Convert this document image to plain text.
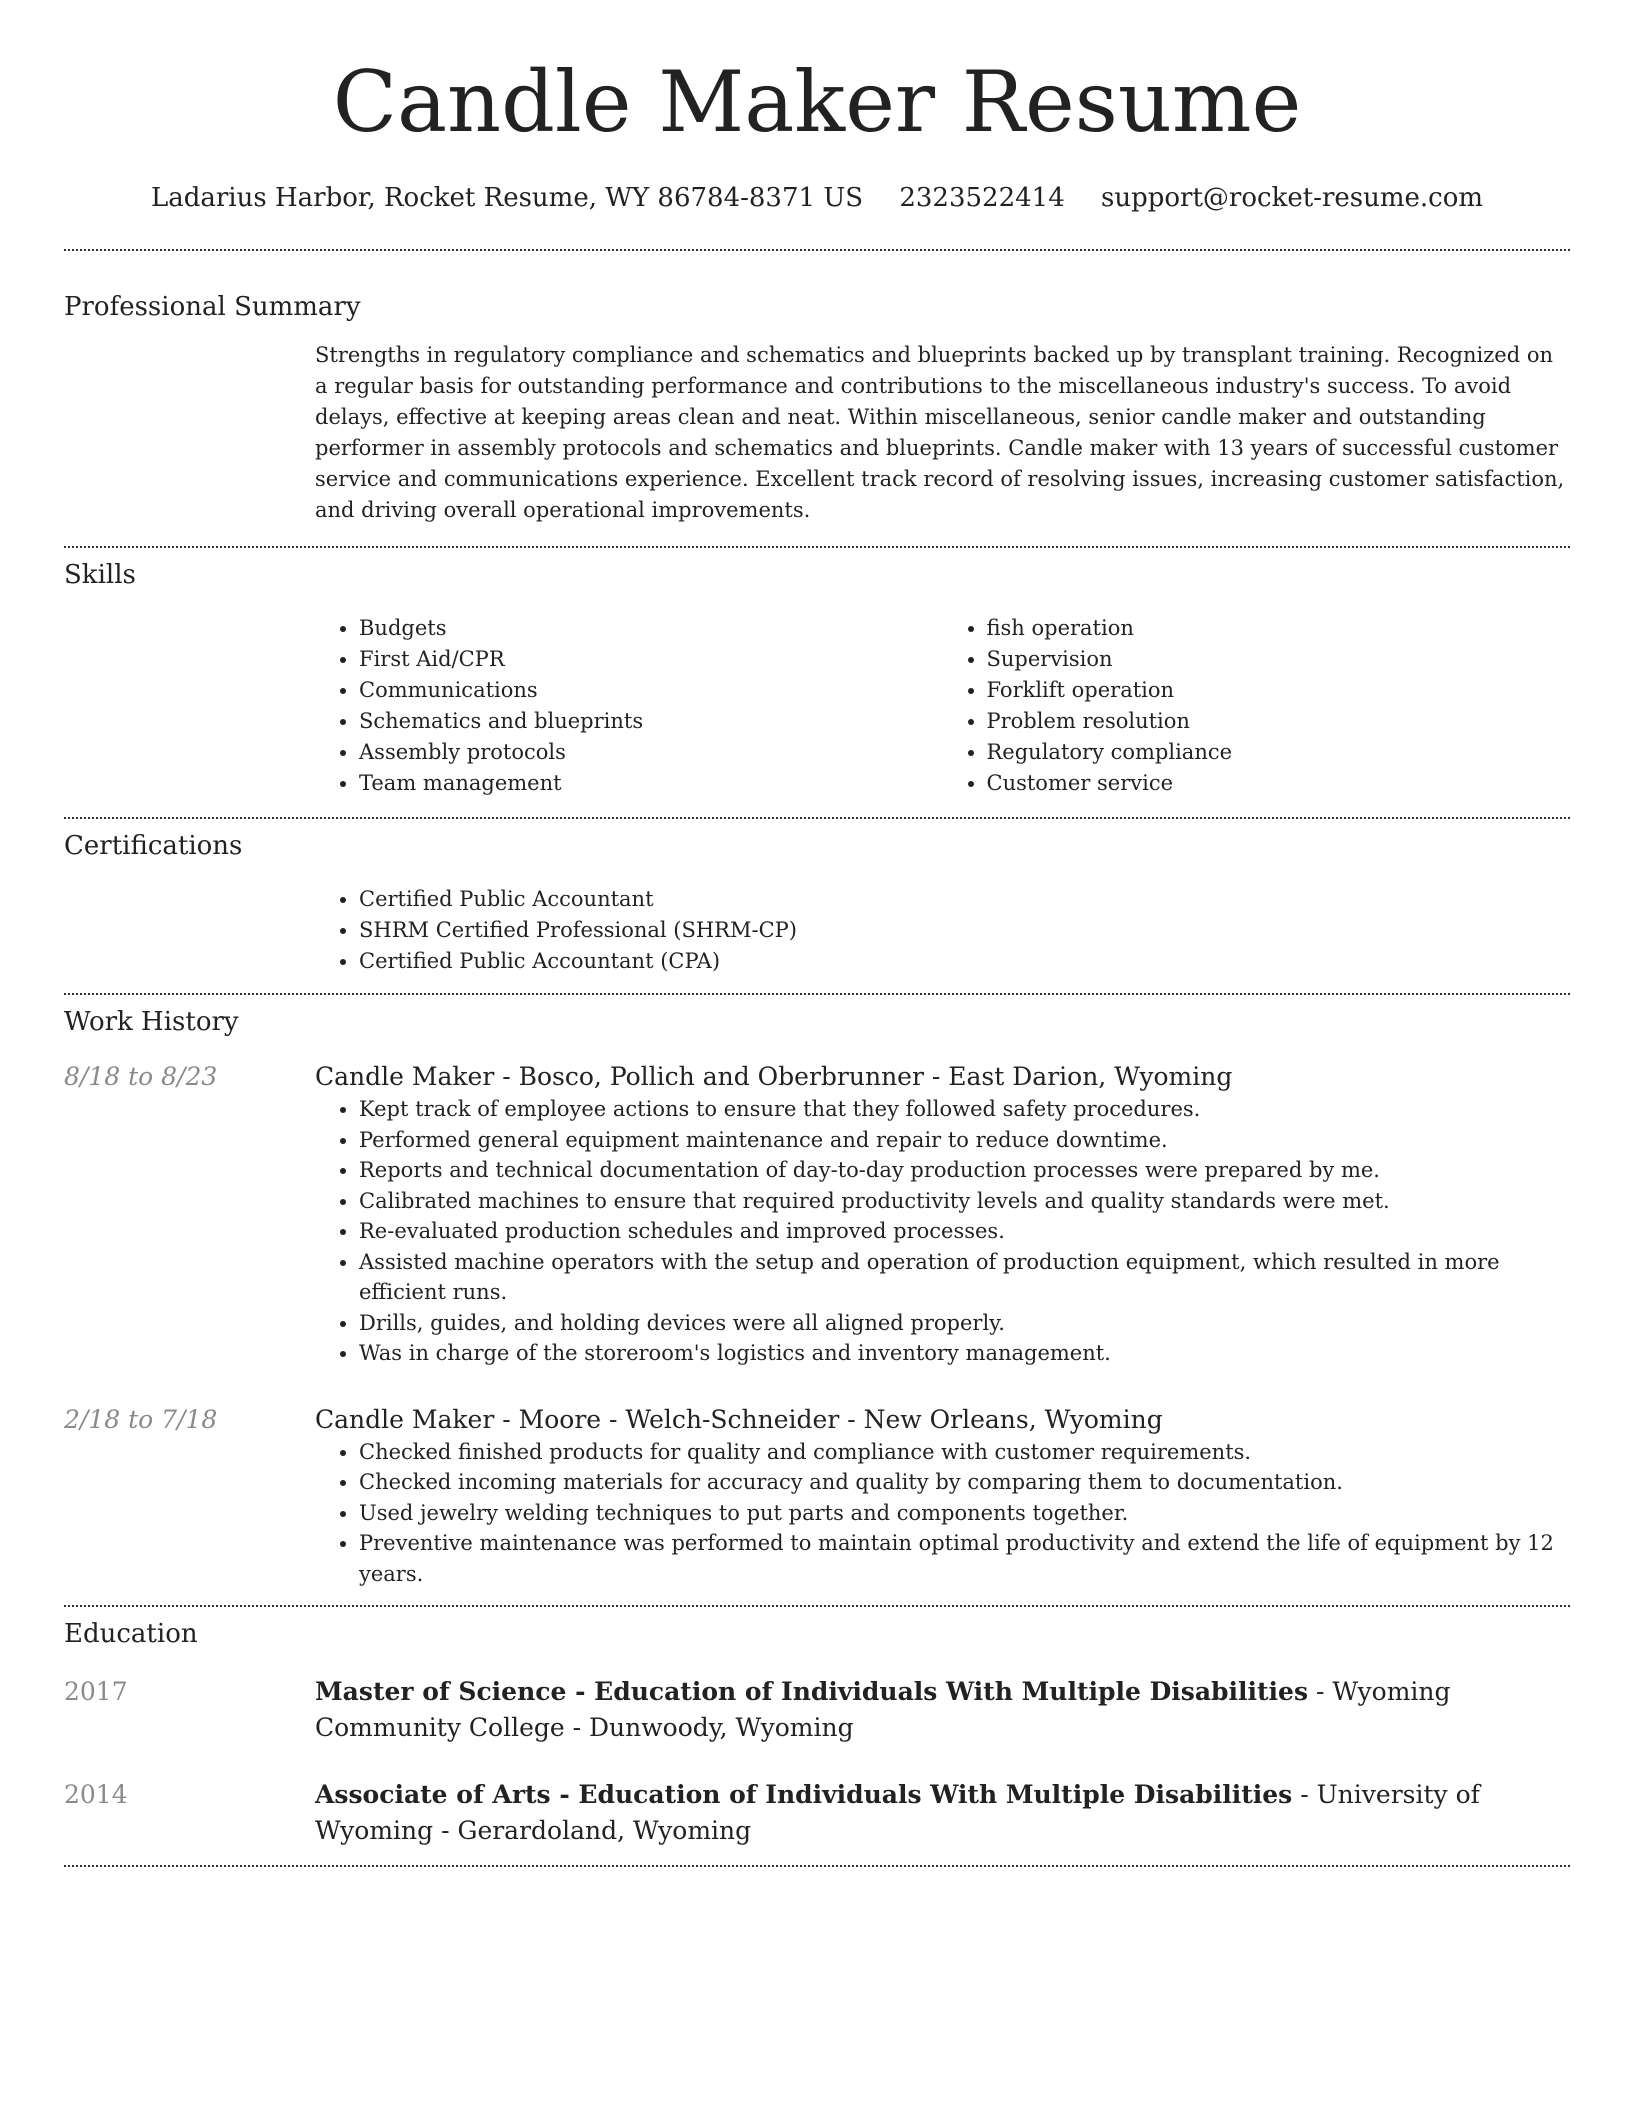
Candle Maker Resume
Ladarius Harbor, Rocket Resume, WY 86784-8371 US 2323522414 support@rocket-resume.com
Professional Summary

Strengths in regulatory compliance and schematics and blueprints backed up by transplant training. Recognized on a regular basis for outstanding performance and contributions to the miscellaneous industry's success. To avoid delays, effective at keeping areas clean and neat. Within miscellaneous, senior candle maker and outstanding performer in assembly protocols and schematics and blueprints. Candle maker with 13 years of successful customer service and communications experience. Excellent track record of resolving issues, increasing customer satisfaction, and driving overall operational improvements.

Skills
• Budgets
• First Aid/CPR
• Communications
• Schematics and blueprints
• Assembly protocols
• Team management
• fish operation
• Supervision
• Forklift operation
• Problem resolution
• Regulatory compliance
• Customer service
Certifications
• Certified Public Accountant
• SHRM Certified Professional (SHRM-CP)
• Certified Public Accountant (CPA)
Work History
8/18 to 8/23	Candle Maker - Bosco, Pollich and Oberbrunner - East Darion, Wyoming
• Kept track of employee actions to ensure that they followed safety procedures.
• Performed general equipment maintenance and repair to reduce downtime.
• Reports and technical documentation of day-to-day production processes were prepared by me.
• Calibrated machines to ensure that required productivity levels and quality standards were met.
• Re-evaluated production schedules and improved processes.
• Assisted machine operators with the setup and operation of production equipment, which resulted in more efficient runs.
• Drills, guides, and holding devices were all aligned properly.
• Was in charge of the storeroom's logistics and inventory management.
2/18 to 7/18	Candle Maker - Moore - Welch-Schneider - New Orleans, Wyoming
• Checked finished products for quality and compliance with customer requirements.
• Checked incoming materials for accuracy and quality by comparing them to documentation.
• Used jewelry welding techniques to put parts and components together.
• Preventive maintenance was performed to maintain optimal productivity and extend the life of equipment by 12 years.
Education
2017	Master of Science - Education of Individuals With Multiple Disabilities - Wyoming Community College - Dunwoody, Wyoming
2014	Associate of Arts - Education of Individuals With Multiple Disabilities - University of Wyoming - Gerardoland, Wyoming
